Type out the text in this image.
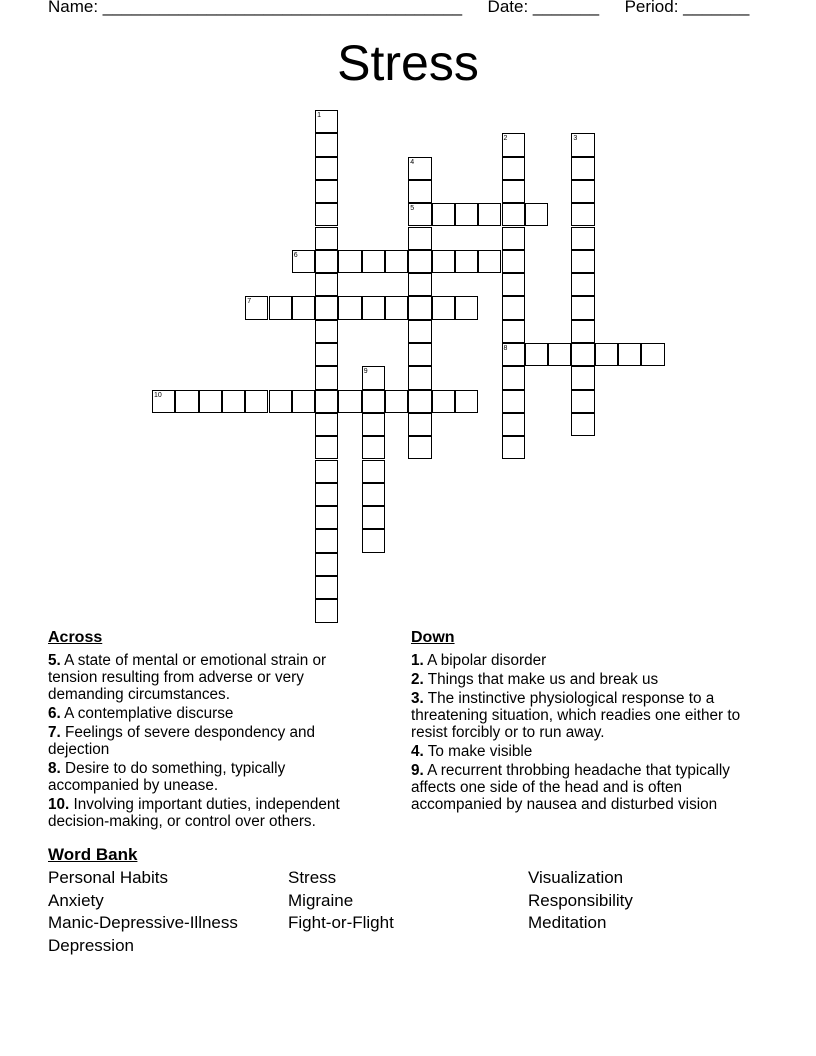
Name: ______________________________________ Date: _______ Period: _______
Stress
1
2
8
3
4
5
6
7
9
10
Across
5. A state of mental or emotional strain or tension resulting from adverse or very demanding circumstances.
6. A contemplative discurse
7. Feelings of severe despondency and dejection
8. Desire to do something, typically accompanied by unease.
10. Involving important duties, independent decision-making, or control over others.
Down
1. A bipolar disorder
2. Things that make us and break us
3. The instinctive physiological response to a threatening situation, which readies one either to resist forcibly or to run away.
4. To make visible
9. A recurrent throbbing headache that typically affects one side of the head and is often accompanied by nausea and disturbed vision
Word Bank
Personal Habits
Anxiety
Manic-Depressive-Illness
Depression
Stress
Migraine
Fight-or-Flight
Visualization
Responsibility
Meditation
